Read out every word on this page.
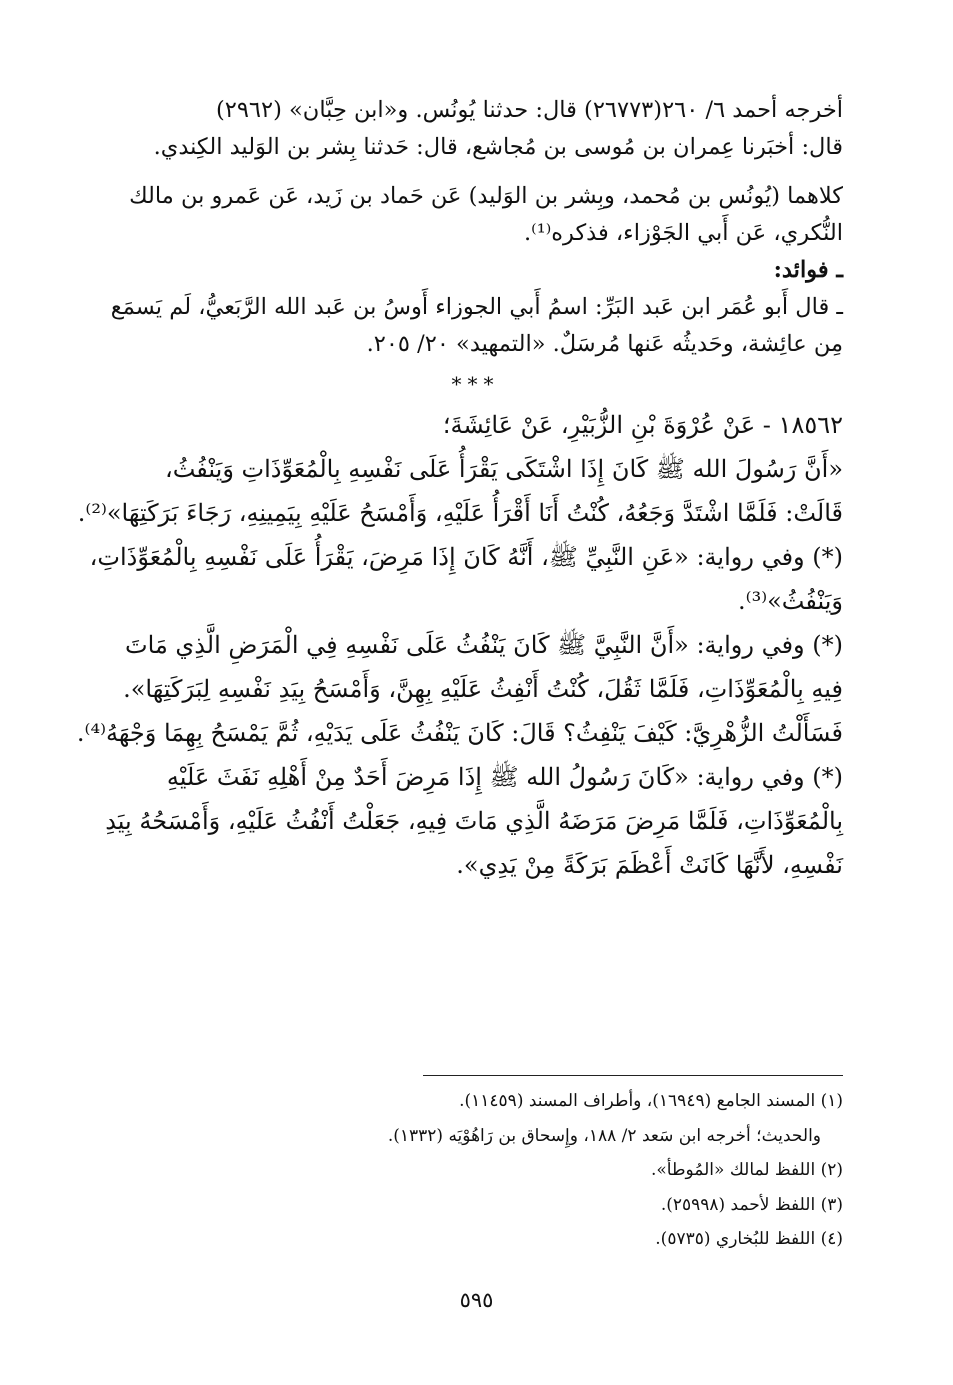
أخرجه أحمد ٦/ ٢٦٠(٢٦٧٧٣) قال: حدثنا يُونُس. و«ابن حِبَّان» (٢٩٦٢)
قال: أخبَرنا عِمران بن مُوسى بن مُجاشع، قال: حَدثنا بِشر بن الوَليد الكِندي.
كلاهما (يُونُس بن مُحمد، وبِشر بن الوَليد) عَن حَماد بن زَيد، عَن عَمرو بن مالك
النُّكري، عَن أَبي الجَوْزاء، فذكره⁽¹⁾.
ـ فوائد:
ـ قال أَبو عُمَر ابن عَبد البَرِّ: اسمُ أَبي الجوزاء أَوسُ بن عَبد الله الرَّبَعيُّ، لَم يَسمَع
مِن عائِشة، وحَديثُه عَنها مُرسَلٌ. «التمهيد» ٢٠/ ٢٠٥.
***
١٨٥٦٢ - عَنْ عُرْوَةَ بْنِ الزُّبَيْرِ، عَنْ عَائِشَةَ؛
«أَنَّ رَسُولَ الله ﷺ كَانَ إِذَا اشْتَكَى يَقْرَأُ عَلَى نَفْسِهِ بِالْمُعَوِّذَاتِ وَيَنْفُثُ،
قَالَتْ: فَلَمَّا اشْتَدَّ وَجَعُهُ، كُنْتُ أَنَا أَقْرَأُ عَلَيْهِ، وَأَمْسَحُ عَلَيْهِ بِيَمِينِهِ، رَجَاءَ بَرَكَتِهَا»⁽²⁾.
(*) وفي رواية: «عَنِ النَّبِيِّ ﷺ، أَنَّهُ كَانَ إِذَا مَرِضَ، يَقْرَأُ عَلَى نَفْسِهِ بِالْمُعَوِّذَاتِ،
وَيَنْفُثُ»⁽³⁾.
(*) وفي رواية: «أَنَّ النَّبِيَّ ﷺ كَانَ يَنْفُثُ عَلَى نَفْسِهِ فِي الْمَرَضِ الَّذِي مَاتَ
فِيهِ بِالْمُعَوِّذَاتِ، فَلَمَّا ثَقُلَ، كُنْتُ أَنْفِثُ عَلَيْهِ بِهِنَّ، وَأَمْسَحُ بِيَدِ نَفْسِهِ لِبَرَكَتِهَا».
فَسَأَلْتُ الزُّهْرِيَّ: كَيْفَ يَنْفِثُ؟ قَالَ: كَانَ يَنْفُثُ عَلَى يَدَيْهِ، ثُمَّ يَمْسَحُ بِهِمَا وَجْهَهُ⁽⁴⁾.
(*) وفي رواية: «كَانَ رَسُولُ الله ﷺ إِذَا مَرِضَ أَحَدٌ مِنْ أَهْلِهِ نَفَثَ عَلَيْهِ
بِالْمُعَوِّذَاتِ، فَلَمَّا مَرِضَ مَرَضَهُ الَّذِي مَاتَ فِيهِ، جَعَلْتُ أَنْفُثُ عَلَيْهِ، وَأَمْسَحُهُ بِيَدِ
نَفْسِهِ، لأَنَّهَا كَانَتْ أَعْظَمَ بَرَكَةً مِنْ يَدِي».
(١) المسند الجامع (١٦٩٤٩)، وأطراف المسند (١١٤٥٩).
والحديث؛ أخرجه ابن سَعد ٢/ ١٨٨، وإِسحاق بن رَاهُوْيَه (١٣٣٢).
(٢) اللفظ لمالك «المُوطأ».
(٣) اللفظ لأحمد (٢٥٩٩٨).
(٤) اللفظ للبُخاري (٥٧٣٥).
٥٩٥
